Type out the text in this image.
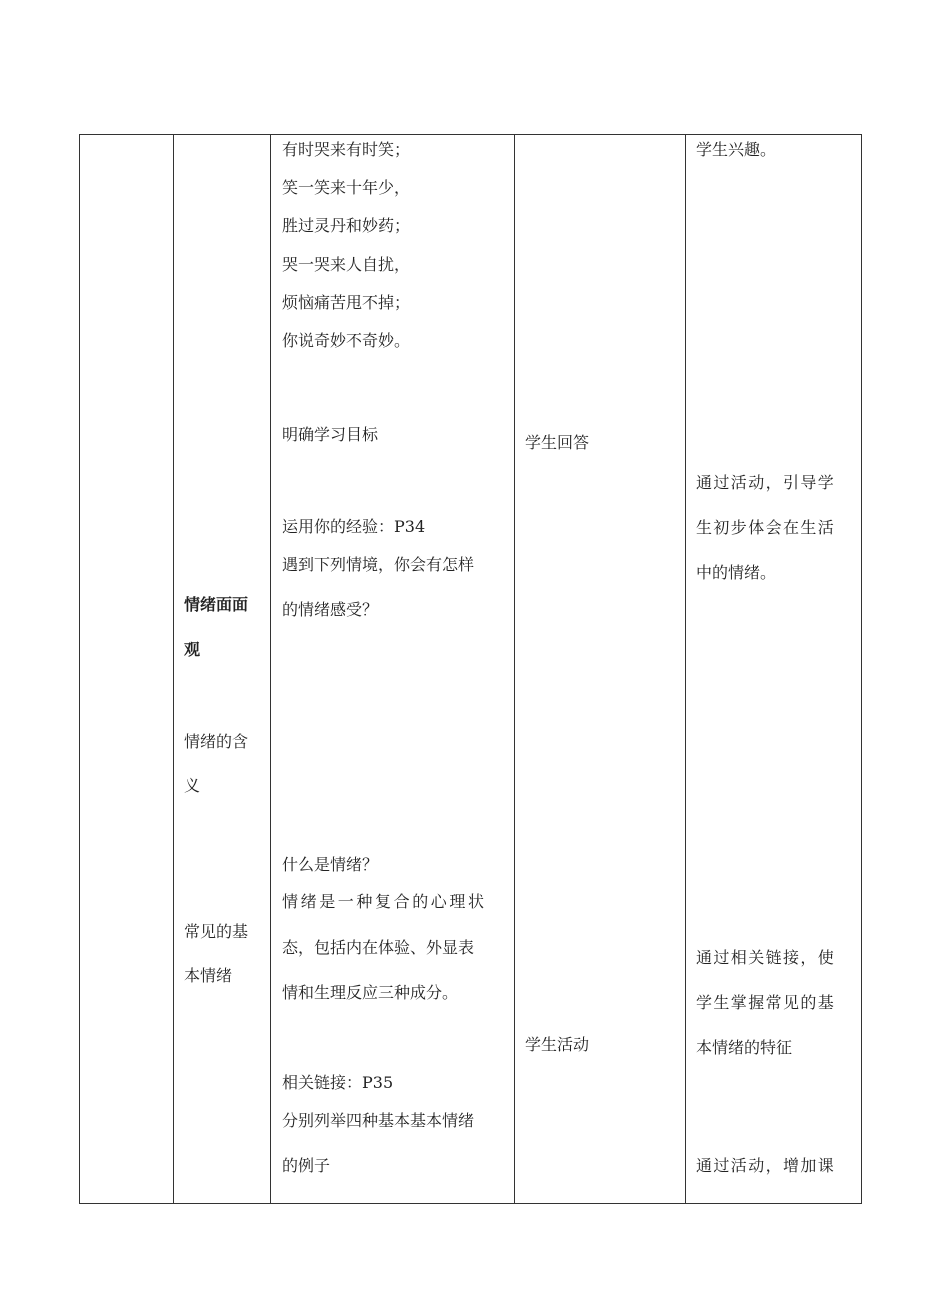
情绪面面
观
情绪的含
义
常见的基
本情绪
有时哭来有时笑；
笑一笑来十年少，
胜过灵丹和妙药；
哭一哭来人自扰，
烦恼痛苦甩不掉；
你说奇妙不奇妙。
明确学习目标
运用你的经验：P34
遇到下列情境，你会有怎样
的情绪感受？
什么是情绪？
情绪是一种复合的心理状
态，包括内在体验、外显表
情和生理反应三种成分。
相关链接：P35
分别列举四种基本基本情绪
的例子
学生回答
学生活动
学生兴趣。
通过活动，引导学
生初步体会在生活
中的情绪。
通过相关链接，使
学生掌握常见的基
本情绪的特征
通过活动，增加课
